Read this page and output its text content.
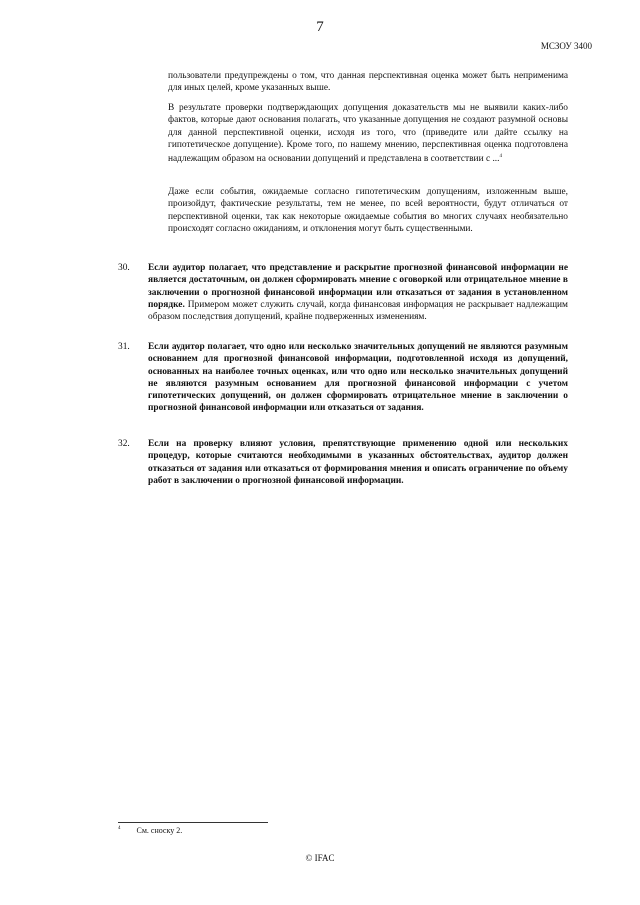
7
МСЗОУ 3400
пользователи предупреждены о том, что данная перспективная оценка может быть неприменима для иных целей, кроме указанных выше.
В результате проверки подтверждающих допущения доказательств мы не выявили каких-либо фактов, которые дают основания полагать, что указанные допущения не создают разумной основы для данной перспективной оценки, исходя из того, что (приведите или дайте ссылку на гипотетическое допущение). Кроме того, по нашему мнению, перспективная оценка подготовлена надлежащим образом на основании допущений и представлена в соответствии с ...$^4$
Даже если события, ожидаемые согласно гипотетическим допущениям, изложенным выше, произойдут, фактические результаты, тем не менее, по всей вероятности, будут отличаться от перспективной оценки, так как некоторые ожидаемые события во многих случаях необязательно происходят согласно ожиданиям, и отклонения могут быть существенными.
30. Если аудитор полагает, что представление и раскрытие прогнозной финансовой информации не является достаточным, он должен сформировать мнение с оговоркой или отрицательное мнение в заключении о прогнозной финансовой информации или отказаться от задания в установленном порядке. Примером может служить случай, когда финансовая информация не раскрывает надлежащим образом последствия допущений, крайне подверженных изменениям.
31. Если аудитор полагает, что одно или несколько значительных допущений не являются разумным основанием для прогнозной финансовой информации, подготовленной исходя из допущений, основанных на наиболее точных оценках, или что одно или несколько значительных допущений не являются разумным основанием для прогнозной финансовой информации с учетом гипотетических допущений, он должен сформировать отрицательное мнение в заключении о прогнозной финансовой информации или отказаться от задания.
32. Если на проверку влияют условия, препятствующие применению одной или нескольких процедур, которые считаются необходимыми в указанных обстоятельствах, аудитор должен отказаться от задания или отказаться от формирования мнения и описать ограничение по объему работ в заключении о прогнозной финансовой информации.
$^4$ См. сноску 2.
© IFAC
